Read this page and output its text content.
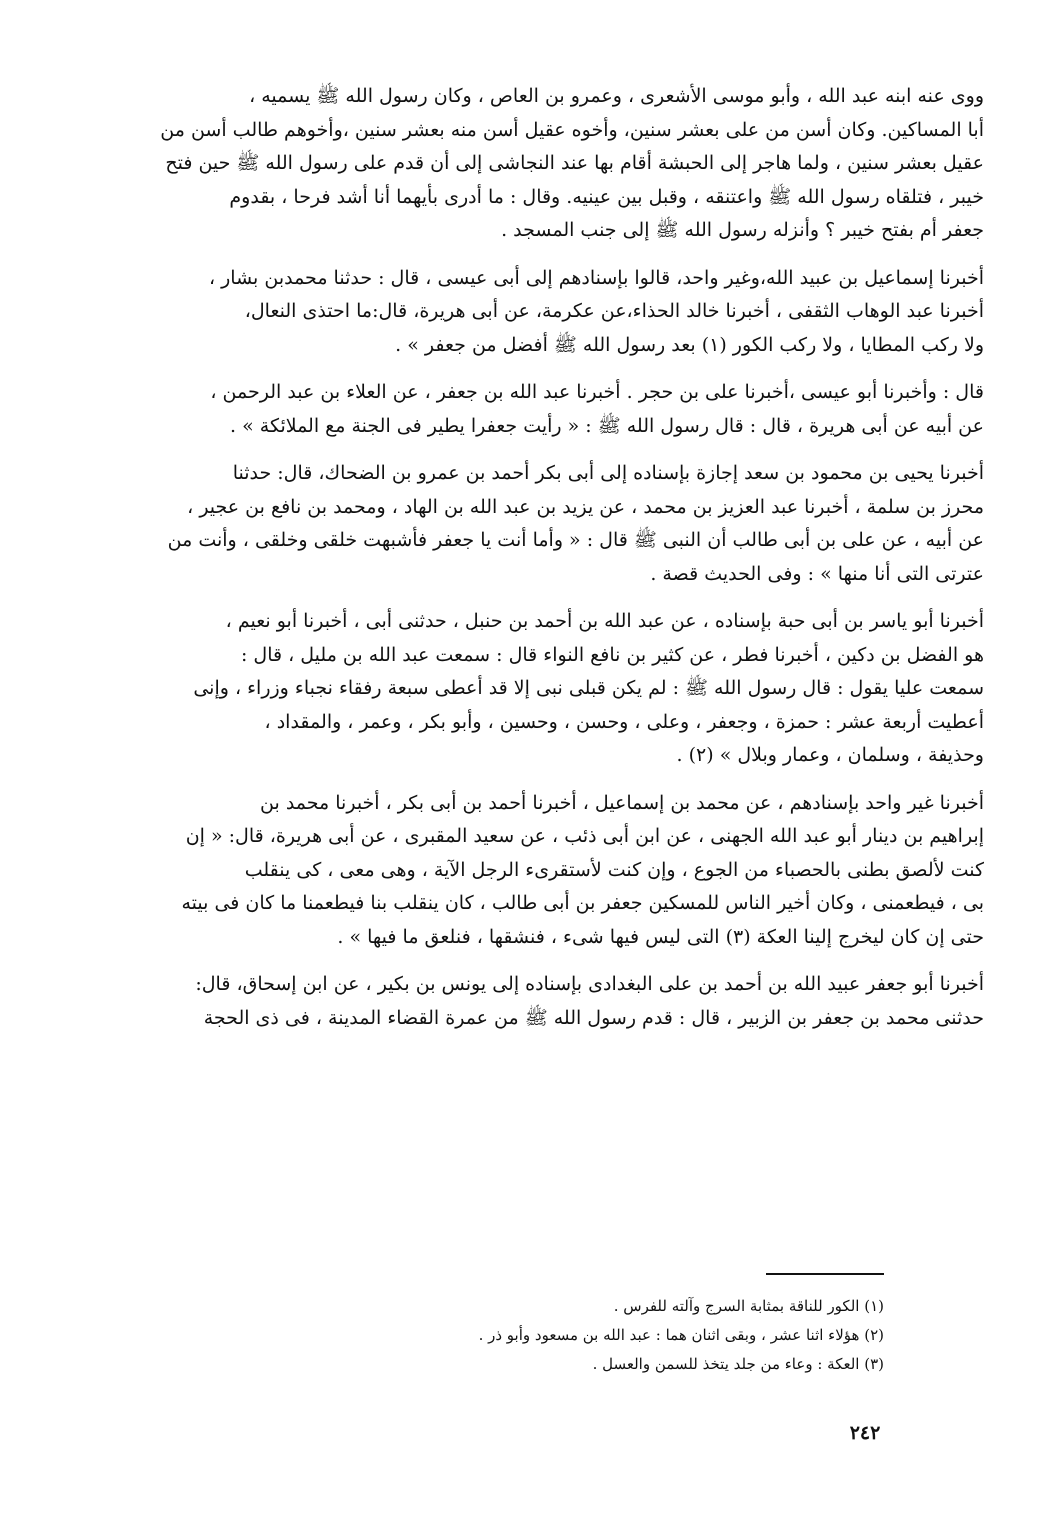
ووى عنه ابنه عبد الله ، وأبو موسى الأشعرى ، وعمرو بن العاص ، وكان رسول الله ﷺ يسميه ،
أبا المساكين. وكان أسن من على بعشر سنين، وأخوه عقيل أسن منه بعشر سنين ،وأخوهم طالب أسن من
عقيل بعشر سنين ، ولما هاجر إلى الحبشة أقام بها عند النجاشى إلى أن قدم على رسول الله ﷺ حين فتح
خيبر ، فتلقاه رسول الله ﷺ واعتنقه ، وقبل بين عينيه. وقال : ما أدرى بأيهما أنا أشد فرحا ، بقدوم
جعفر أم بفتح خيبر ؟ وأنزله رسول الله ﷺ إلى جنب المسجد .
أخبرنا إسماعيل بن عبيد الله،وغير واحد، قالوا بإسنادهم إلى أبى عيسى ، قال : حدثنا محمدبن بشار ،
أخبرنا عبد الوهاب الثقفى ، أخبرنا خالد الحذاء،عن عكرمة، عن أبى هريرة، قال:ما احتذى النعال،
ولا ركب المطايا ، ولا ركب الكور (١) بعد رسول الله ﷺ أفضل من جعفر » .
قال : وأخبرنا أبو عيسى ،أخبرنا على بن حجر . أخبرنا عبد الله بن جعفر ، عن العلاء بن عبد الرحمن ،
عن أبيه عن أبى هريرة ، قال : قال رسول الله ﷺ : « رأيت جعفرا يطير فى الجنة مع الملائكة » .
أخبرنا يحيى بن محمود بن سعد إجازة بإسناده إلى أبى بكر أحمد بن عمرو بن الضحاك، قال: حدثنا
محرز بن سلمة ، أخبرنا عبد العزيز بن محمد ، عن يزيد بن عبد الله بن الهاد ، ومحمد بن نافع بن عجير ،
عن أبيه ، عن على بن أبى طالب أن النبى ﷺ قال : « وأما أنت يا جعفر فأشبهت خلقى وخلقى ، وأنت من
عترتى التى أنا منها » : وفى الحديث قصة .
أخبرنا أبو ياسر بن أبى حبة بإسناده ، عن عبد الله بن أحمد بن حنبل ، حدثنى أبى ، أخبرنا أبو نعيم ،
هو الفضل بن دكين ، أخبرنا فطر ، عن كثير بن نافع النواء قال : سمعت عبد الله بن مليل ، قال :
سمعت عليا يقول : قال رسول الله ﷺ : لم يكن قبلى نبى إلا قد أعطى سبعة رفقاء نجباء وزراء ، وإنى
أعطيت أربعة عشر : حمزة ، وجعفر ، وعلى ، وحسن ، وحسين ، وأبو بكر ، وعمر ، والمقداد ،
وحذيفة ، وسلمان ، وعمار وبلال » (٢) .
أخبرنا غير واحد بإسنادهم ، عن محمد بن إسماعيل ، أخبرنا أحمد بن أبى بكر ، أخبرنا محمد بن
إبراهيم بن دينار أبو عبد الله الجهنى ، عن ابن أبى ذئب ، عن سعيد المقبرى ، عن أبى هريرة، قال: « إن
كنت لألصق بطنى بالحصباء من الجوع ، وإن كنت لأستقرىء الرجل الآية ، وهى معى ، كى ينقلب
بى ، فيطعمنى ، وكان أخير الناس للمسكين جعفر بن أبى طالب ، كان ينقلب بنا فيطعمنا ما كان فى بيته
حتى إن كان ليخرج إلينا العكة (٣) التى ليس فيها شىء ، فنشقها ، فنلعق ما فيها » .
أخبرنا أبو جعفر عبيد الله بن أحمد بن على البغدادى بإسناده إلى يونس بن بكير ، عن ابن إسحاق، قال:
حدثنى محمد بن جعفر بن الزبير ، قال : قدم رسول الله ﷺ من عمرة القضاء المدينة ، فى ذى الحجة
(١) الكور للناقة بمثابة السرج وآلته للفرس .
(٢) هؤلاء اثنا عشر ، وبقى اثنان هما : عبد الله بن مسعود وأبو ذر .
(٣) العكة : وعاء من جلد يتخذ للسمن والعسل .
٢٤٢
